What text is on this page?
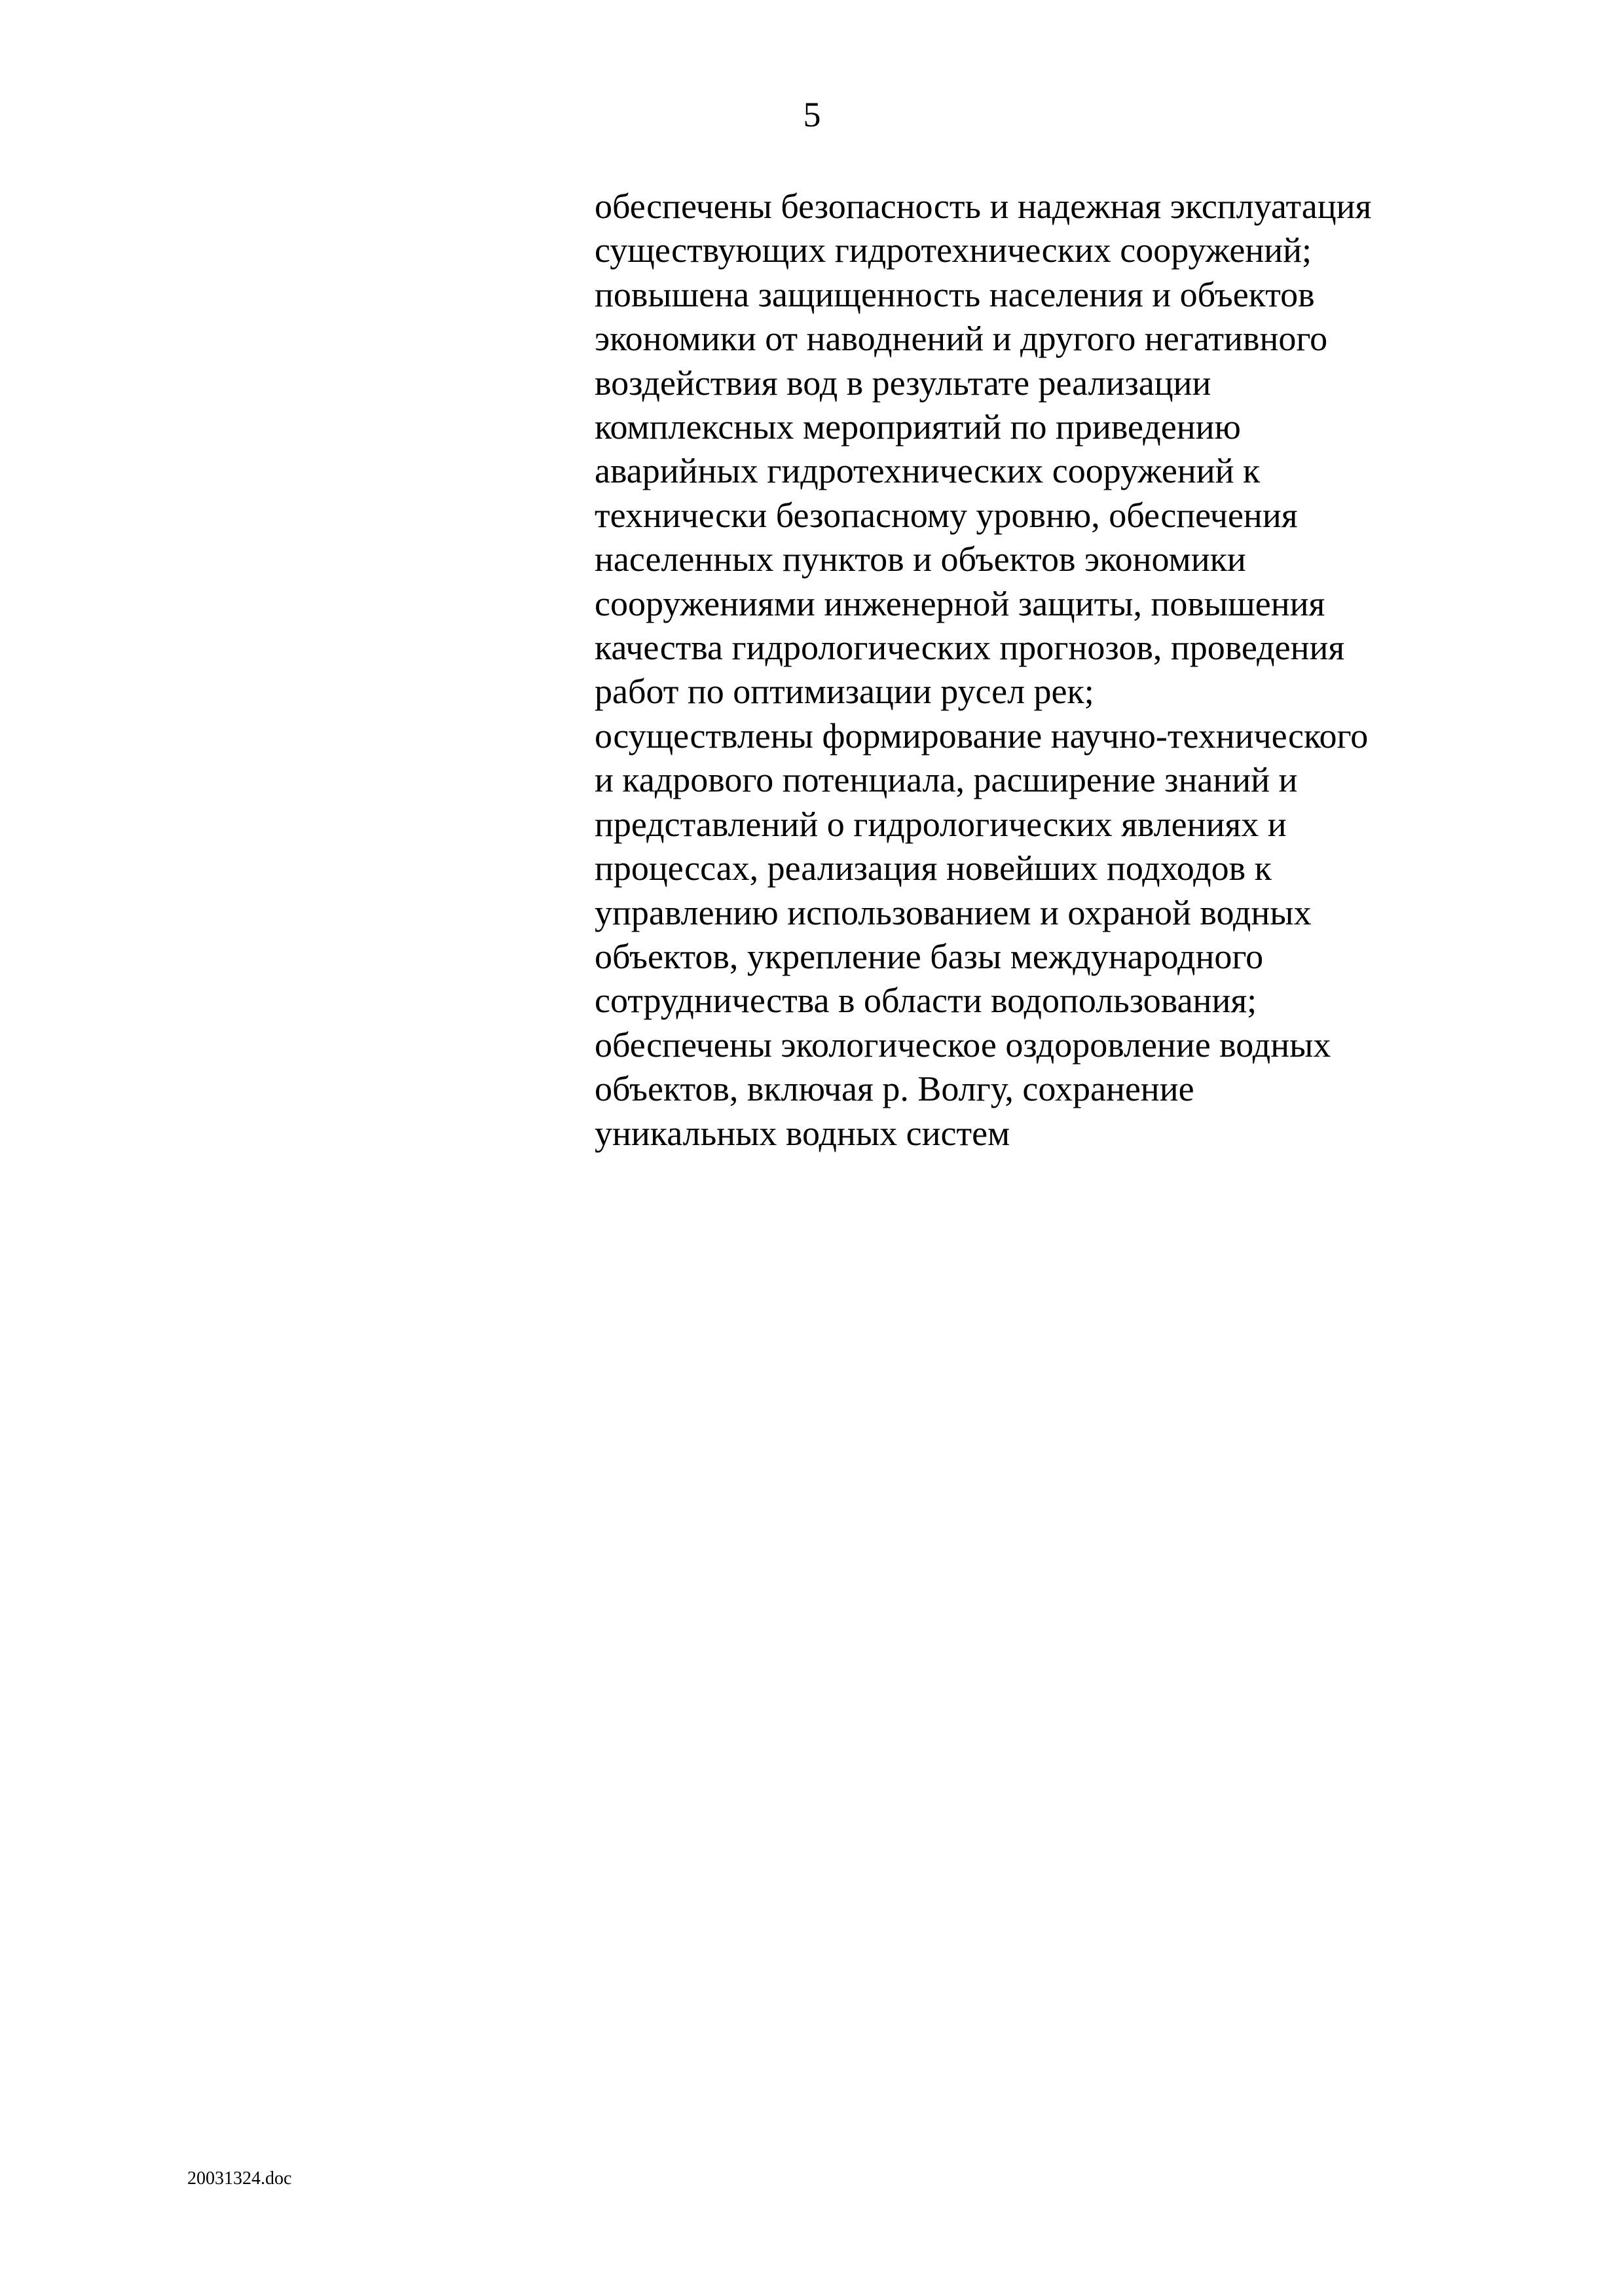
5
обеспечены безопасность и надежная эксплуатация
существующих гидротехнических сооружений;
повышена защищенность населения и объектов
экономики от наводнений и другого негативного
воздействия вод в результате реализации
комплексных мероприятий по приведению
аварийных гидротехнических сооружений к
технически безопасному уровню, обеспечения
населенных пунктов и объектов экономики
сооружениями инженерной защиты, повышения
качества гидрологических прогнозов, проведения
работ по оптимизации русел рек;
осуществлены формирование научно-технического
и кадрового потенциала, расширение знаний и
представлений о гидрологических явлениях и
процессах, реализация новейших подходов к
управлению использованием и охраной водных
объектов, укрепление базы международного
сотрудничества в области водопользования;
обеспечены экологическое оздоровление водных
объектов, включая р. Волгу, сохранение
уникальных водных систем
20031324.doc
